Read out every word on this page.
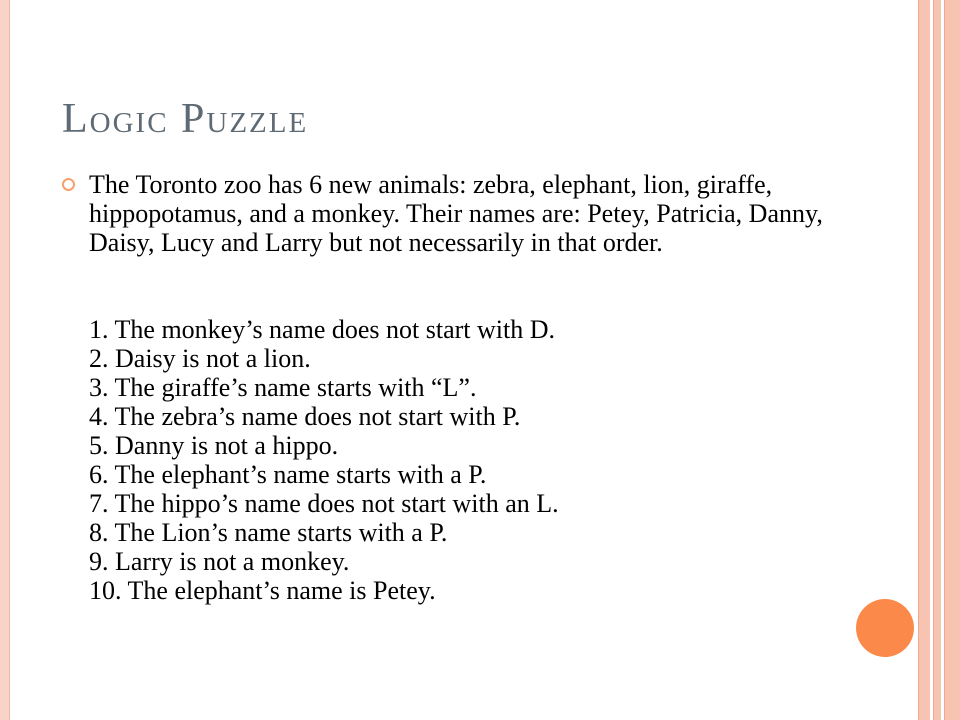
Logic Puzzle

The Toronto zoo has 6 new animals: zebra, elephant, lion, giraffe, hippopotamus, and a monkey. Their names are: Petey, Patricia, Danny, Daisy, Lucy and Larry but not necessarily in that order.

1. The monkey’s name does not start with D.
2. Daisy is not a lion.
3. The giraffe’s name starts with “L”.
4. The zebra’s name does not start with P.
5. Danny is not a hippo.
6. The elephant’s name starts with a P.
7. The hippo’s name does not start with an L.
8. The Lion’s name starts with a P.
9. Larry is not a monkey.
10. The elephant’s name is Petey.
